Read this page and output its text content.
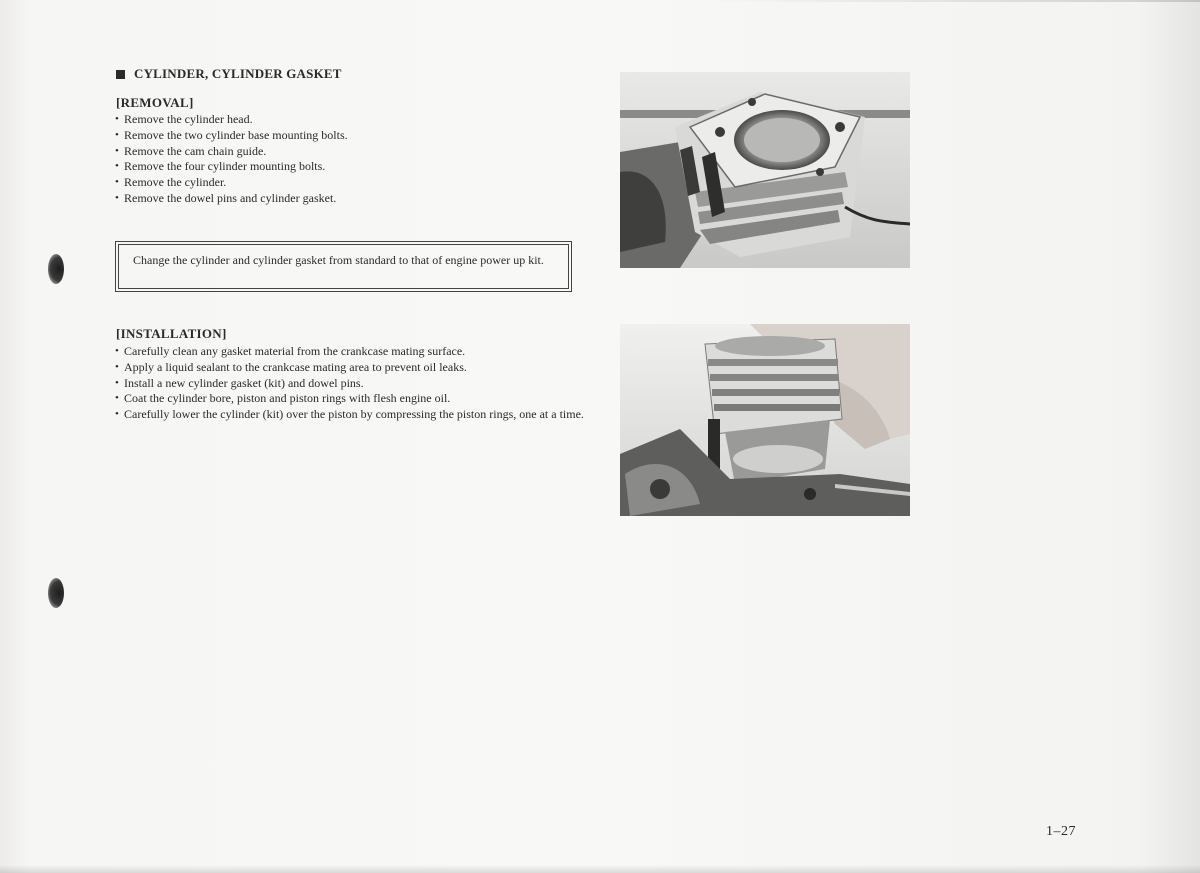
CYLINDER, CYLINDER GASKET
[REMOVAL]
• Remove the cylinder head.
• Remove the two cylinder base mounting bolts.
• Remove the cam chain guide.
• Remove the four cylinder mounting bolts.
• Remove the cylinder.
• Remove the dowel pins and cylinder gasket.
Change the cylinder and cylinder gasket from standard to that of engine power up kit.
[INSTALLATION]
• Carefully clean any gasket material from the crankcase mating surface.
• Apply a liquid sealant to the crankcase mating area to prevent oil leaks.
• Install a new cylinder gasket (kit) and dowel pins.
• Coat the cylinder bore, piston and piston rings with flesh engine oil.
• Carefully lower the cylinder (kit) over the piston by compressing the piston rings, one at a time.
1–27
